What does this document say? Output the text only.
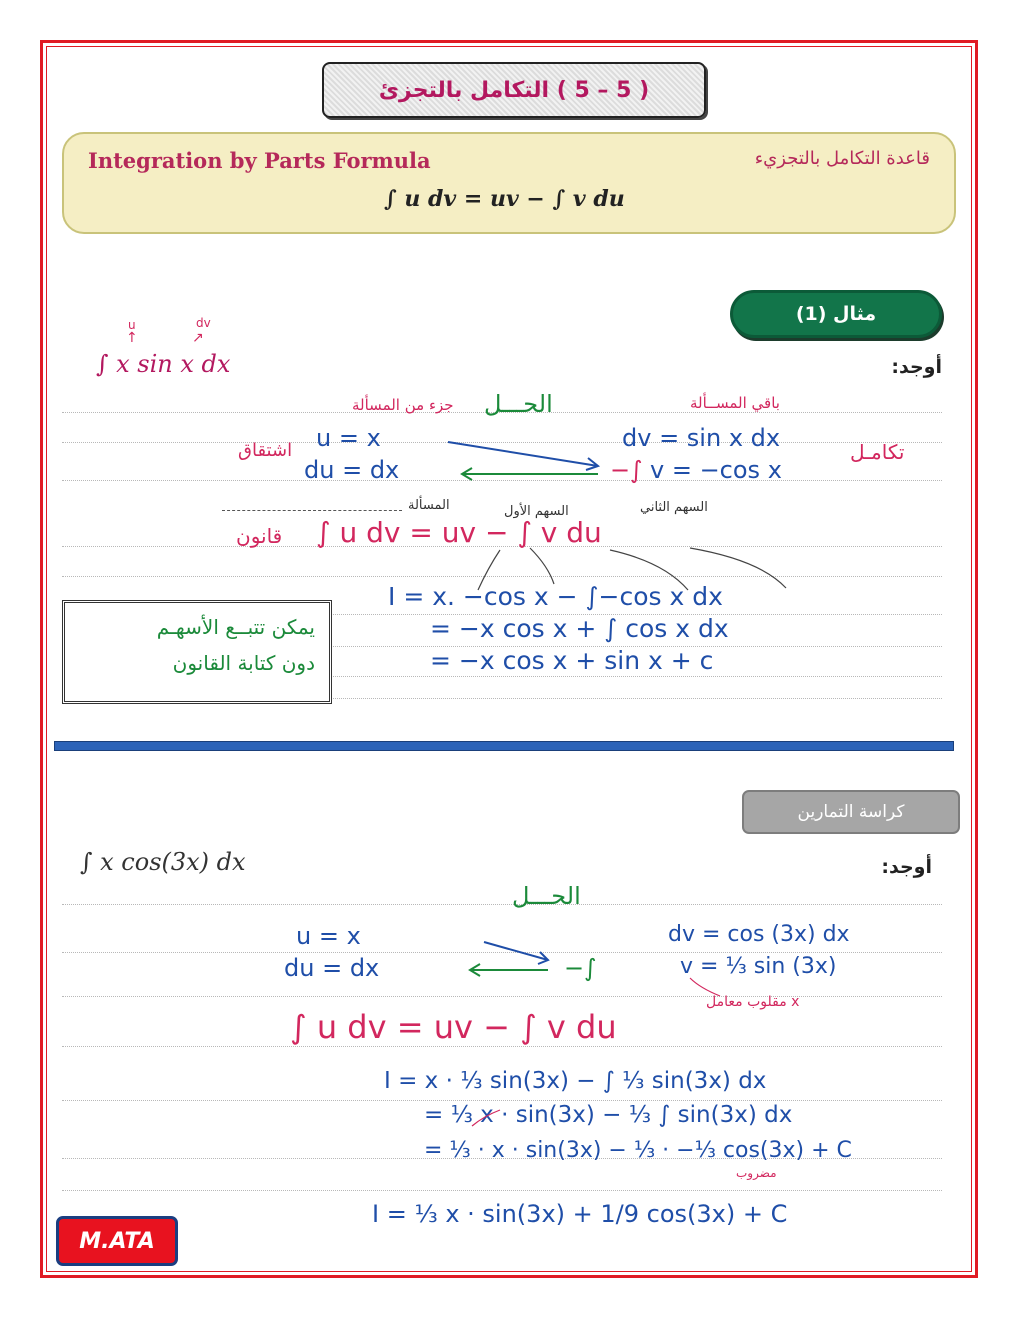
( 5 – 5 ) التكامل بالتجزئ
Integration by Parts Formula	قاعدة التكامل بالتجزيء
∫ u dv = uv − ∫ v du
مثال (1)
أوجد:
u	dv
↑	↗
∫ x sin x dx
الحـــل
جزء من المسألة	باقي المســألة
u = x
du = dx
اشتقاق	dv = sin x dx
v = −cos x
−∫
تكامـل
السهم الثاني
السهم الأول
المسألة
قانون ∫ u dv = uv − ∫ v du
I = x. −cos x − ∫−cos x dx
= −x cos x + ∫ cos x dx
= −x cos x + sin x + c
يمكن تتبــع الأسهـم
دون كتابة القانون
كراسة التمارين
أوجد:
∫ x cos(3x) dx
الحـــل
u = x
du = dx	−∫
dv = cos (3x) dx
v = ⅓ sin (3x)
مقلوب معامل x
∫ u dv = uv − ∫ v du
I = x · ⅓ sin(3x) − ∫ ⅓ sin(3x) dx
= ⅓ x · sin(3x) − ⅓ ∫ sin(3x) dx
= ⅓ · x · sin(3x) − ⅓ · −⅓ cos(3x) + C
مضروب
I = ⅓ x · sin(3x) + 1/9 cos(3x) + C
M.ATA
